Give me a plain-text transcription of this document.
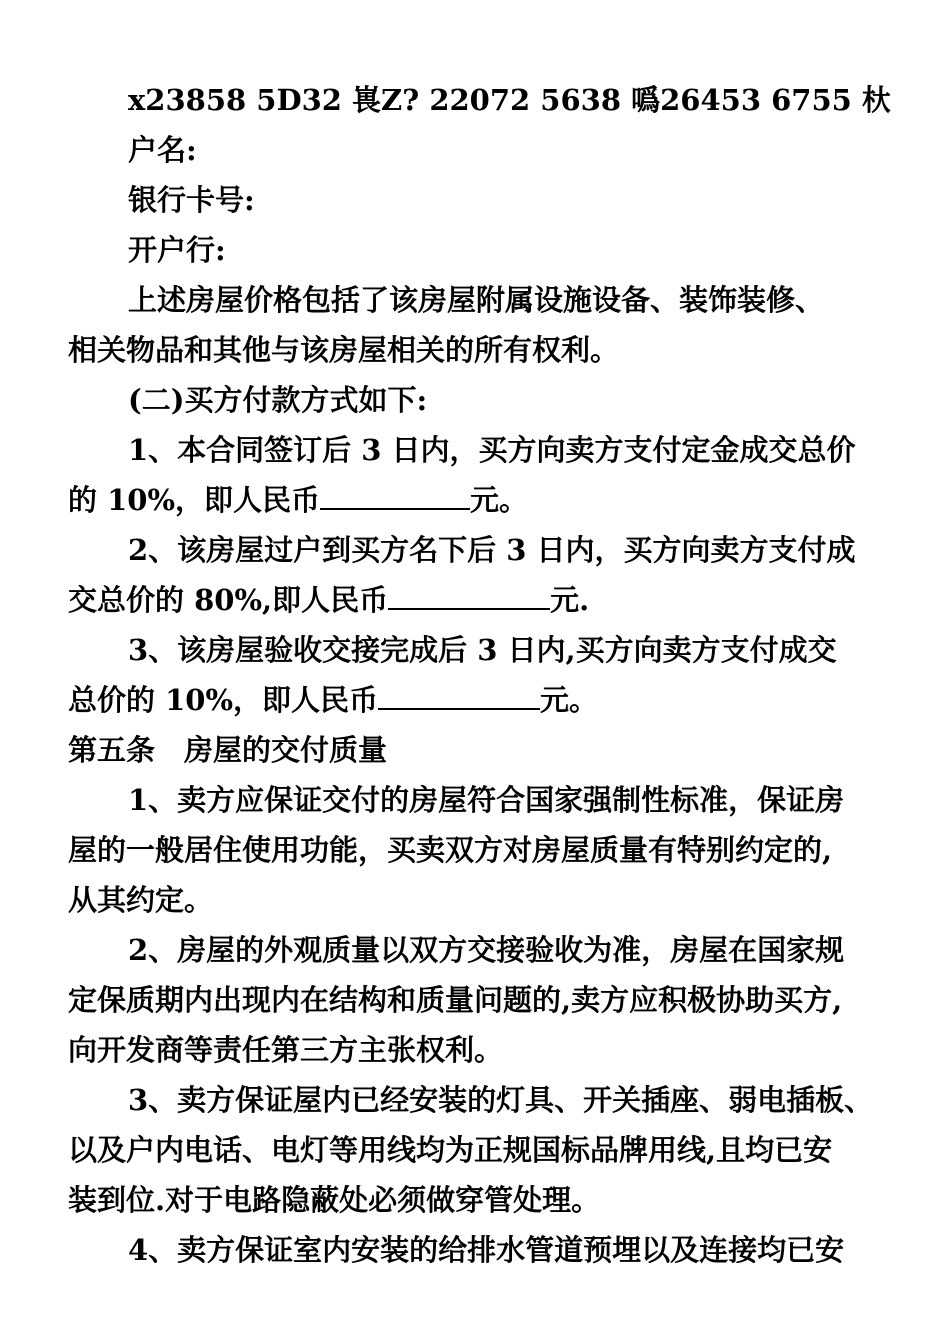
x23858 5D32 嵔Z? 22072 5638 噅26453 6755 杕
户名:
银行卡号:
开户行:
上述房屋价格包括了该房屋附属设施设备、装饰装修、
相关物品和其他与该房屋相关的所有权利。
(二)买方付款方式如下:
1、本合同签订后 3 日内，买方向卖方支付定金成交总价
的 10%，即人民币	元。
2、该房屋过户到买方名下后 3 日内，买方向卖方支付成
交总价的 80%,即人民币	元.
3、该房屋验收交接完成后 3 日内,买方向卖方支付成交
总价的 10%，即人民币	元。
第五条　房屋的交付质量
1、卖方应保证交付的房屋符合国家强制性标准，保证房
屋的一般居住使用功能，买卖双方对房屋质量有特别约定的,
从其约定。
2、房屋的外观质量以双方交接验收为准，房屋在国家规
定保质期内出现内在结构和质量问题的,卖方应积极协助买方,
向开发商等责任第三方主张权利。
3、卖方保证屋内已经安装的灯具、开关插座、弱电插板、
以及户内电话、电灯等用线均为正规国标品牌用线,且均已安
装到位.对于电路隐蔽处必须做穿管处理。
4、卖方保证室内安装的给排水管道预埋以及连接均已安
